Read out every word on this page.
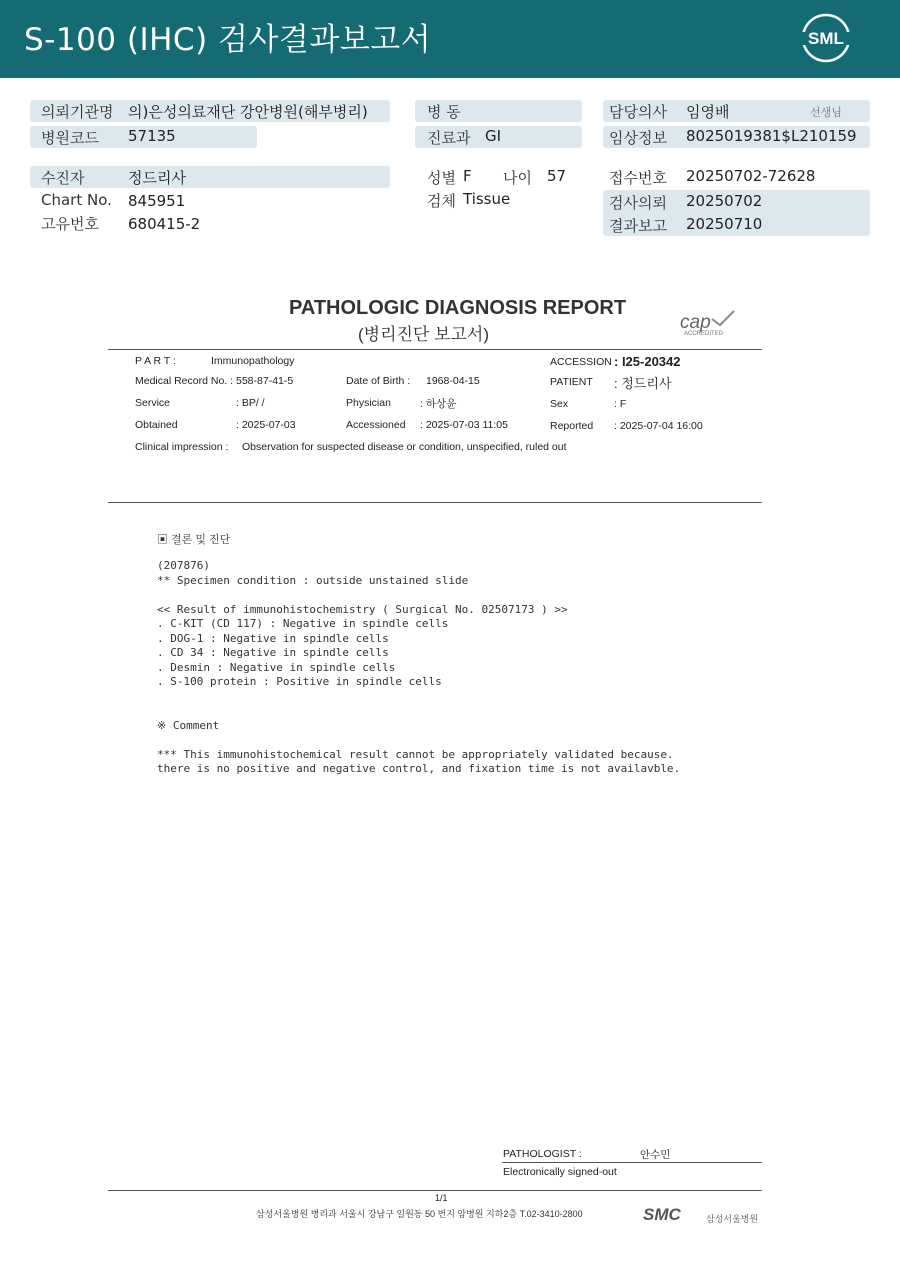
S-100 (IHC) 검사결과보고서	SML
의뢰기관명 의)은성의료재단 강안병원(해부병리)
병원코드 57135
병 동
진료과 GI
담당의사 임영배	선생님
임상정보 8025019381$L210159
수진자	정드리사
Chart No. 845951
고유번호 680415-2
성별 F 나이 57
검체 Tissue
접수번호 20250702-72628
검사의뢰 20250702
결과보고 20250710
PATHOLOGIC DIAGNOSIS REPORT
(병리진단 보고서)
cap
ACCREDITED
P A R T :	Immunopathology	ACCESSION : I25-20342
Medical Record No. : 558-87-41-5	Date of Birth : 1968-04-15	PATIENT : 정드리사
Service	: BP/ /	Physician	: 하상윤	Sex	: F
Obtained	: 2025-07-03	Accessioned : 2025-07-03 11:05	Reported : 2025-07-04 16:00
Clinical impression : Observation for suspected disease or condition, unspecified, ruled out
▣ 결론 및 진단
(207876)
** Specimen condition : outside unstained slide
<< Result of immunohistochemistry ( Surgical No. 02507173 ) >>
. C-KIT (CD 117) : Negative in spindle cells
. DOG-1 : Negative in spindle cells
. CD 34 : Negative in spindle cells
. Desmin : Negative in spindle cells
. S-100 protein : Positive in spindle cells
※ Comment
*** This immunohistochemical result cannot be appropriately validated because.
there is no positive and negative control, and fixation time is not availavble.
PATHOLOGIST :	안수민
Electronically signed-out
1/1
삼성서울병원 병리과 서울시 강남구 일원동 50 번지 암병원 지하2층 T.02-3410-2800	SMC	삼성서울병원
